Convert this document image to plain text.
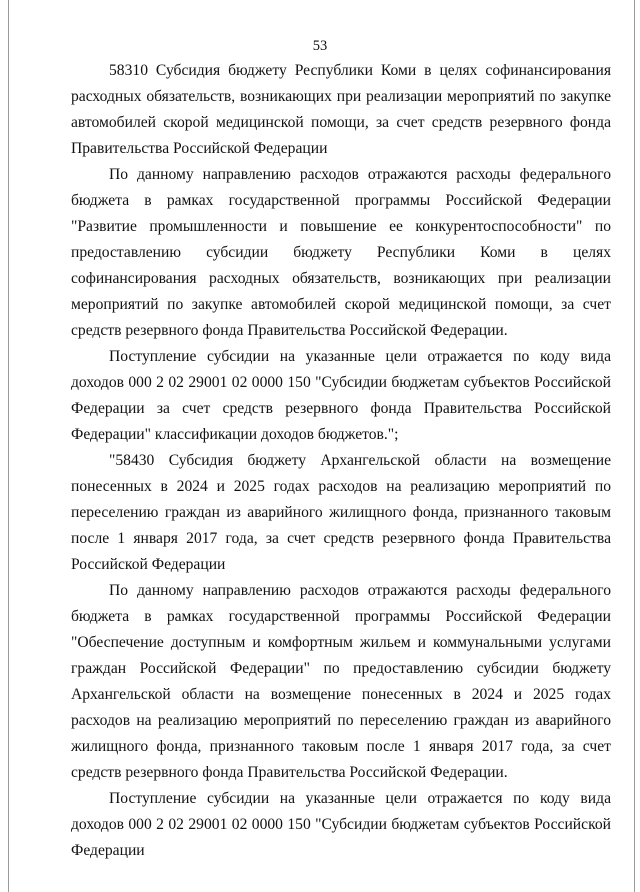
53

58310 Субсидия бюджету Республики Коми в целях софинансирования расходных обязательств, возникающих при реализации мероприятий по закупке автомобилей скорой медицинской помощи, за счет средств резервного фонда Правительства Российской Федерации

По данному направлению расходов отражаются расходы федерального бюджета в рамках государственной программы Российской Федерации "Развитие промышленности и повышение ее конкурентоспособности" по предоставлению субсидии бюджету Республики Коми в целях софинансирования расходных обязательств, возникающих при реализации мероприятий по закупке автомобилей скорой медицинской помощи, за счет средств резервного фонда Правительства Российской Федерации.

Поступление субсидии на указанные цели отражается по коду вида доходов 000 2 02 29001 02 0000 150 "Субсидии бюджетам субъектов Российской Федерации за счет средств резервного фонда Правительства Российской Федерации" классификации доходов бюджетов.";

"58430 Субсидия бюджету Архангельской области на возмещение понесенных в 2024 и 2025 годах расходов на реализацию мероприятий по переселению граждан из аварийного жилищного фонда, признанного таковым после 1 января 2017 года, за счет средств резервного фонда Правительства Российской Федерации

По данному направлению расходов отражаются расходы федерального бюджета в рамках государственной программы Российской Федерации "Обеспечение доступным и комфортным жильем и коммунальными услугами граждан Российской Федерации" по предоставлению субсидии бюджету Архангельской области на возмещение понесенных в 2024 и 2025 годах расходов на реализацию мероприятий по переселению граждан из аварийного жилищного фонда, признанного таковым после 1 января 2017 года, за счет средств резервного фонда Правительства Российской Федерации.

Поступление субсидии на указанные цели отражается по коду вида доходов 000 2 02 29001 02 0000 150 "Субсидии бюджетам субъектов Российской Федерации
